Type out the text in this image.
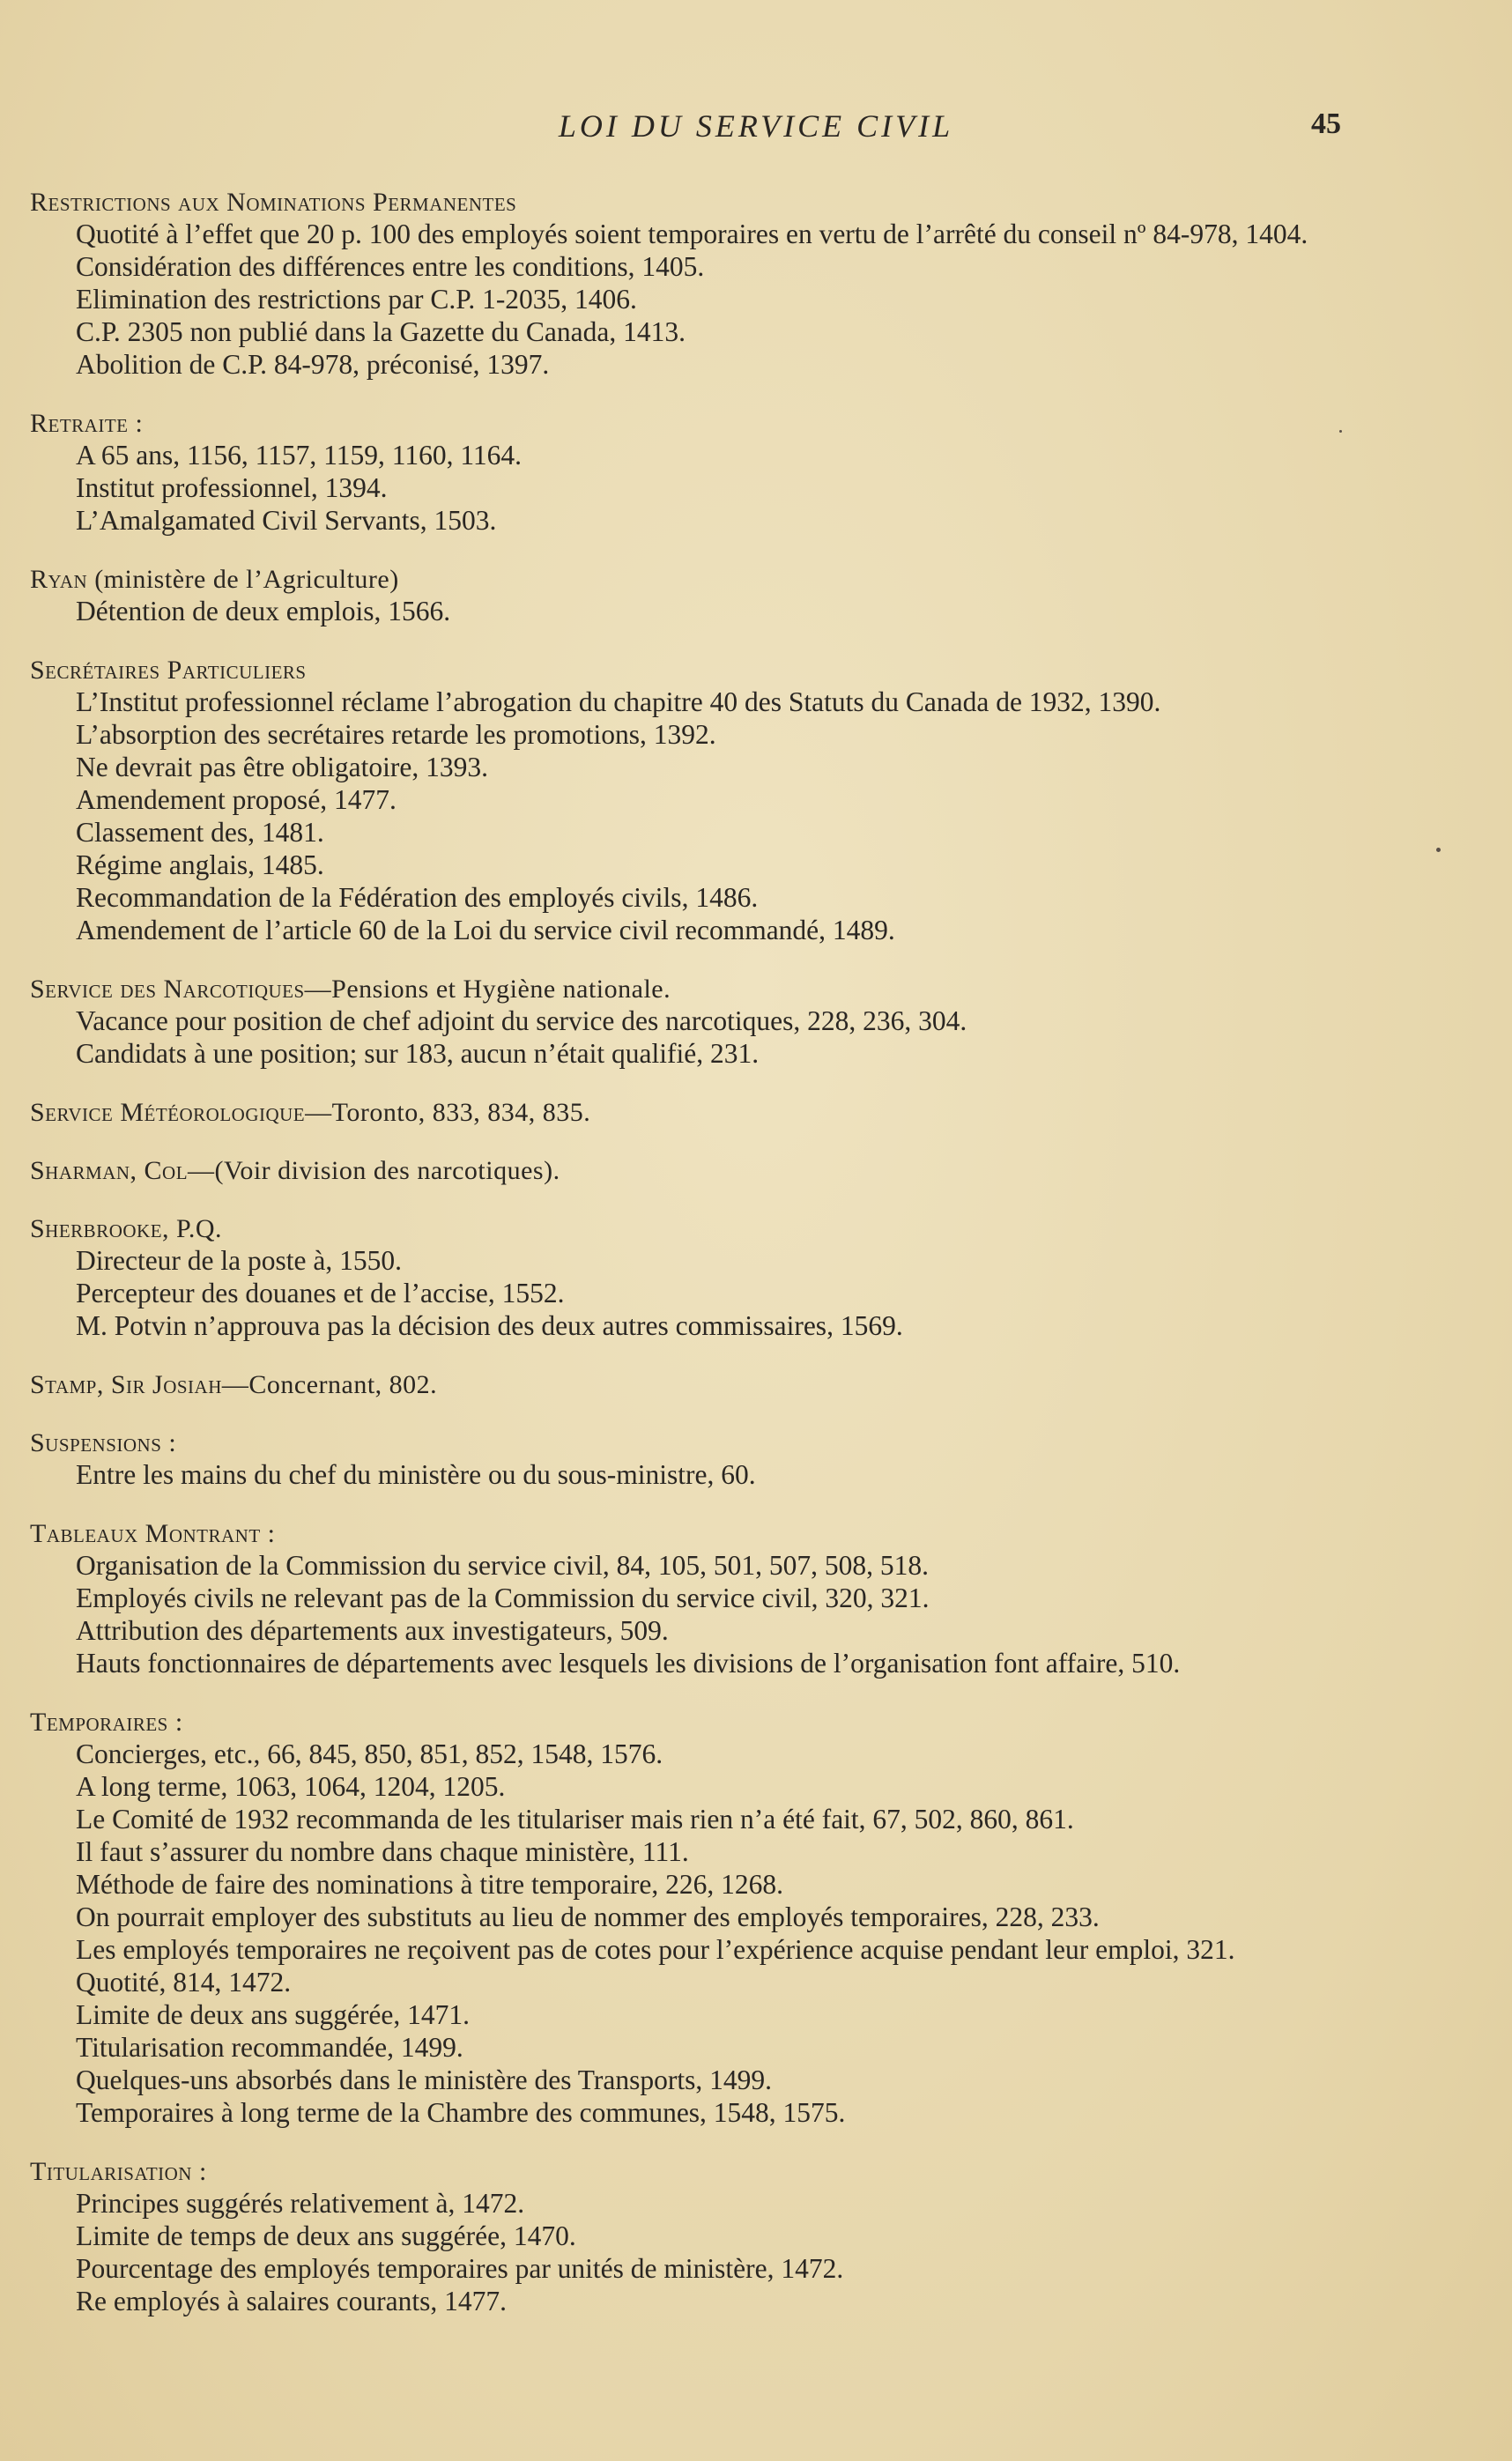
LOI DU SERVICE CIVIL	45
Restrictions aux Nominations Permanentes
Quotité à l’effet que 20 p. 100 des employés soient temporaires en vertu de l’arrêté du conseil nº 84-978, 1404.
Considération des différences entre les conditions, 1405.
Elimination des restrictions par C.P. 1-2035, 1406.
C.P. 2305 non publié dans la Gazette du Canada, 1413.
Abolition de C.P. 84-978, préconisé, 1397.
Retraite :
A 65 ans, 1156, 1157, 1159, 1160, 1164.
Institut professionnel, 1394.
L’Amalgamated Civil Servants, 1503.
Ryan (ministère de l’Agriculture)
Détention de deux emplois, 1566.
Secrétaires Particuliers
L’Institut professionnel réclame l’abrogation du chapitre 40 des Statuts du Canada de 1932, 1390.
L’absorption des secrétaires retarde les promotions, 1392.
Ne devrait pas être obligatoire, 1393.
Amendement proposé, 1477.
Classement des, 1481.
Régime anglais, 1485.
Recommandation de la Fédération des employés civils, 1486.
Amendement de l’article 60 de la Loi du service civil recommandé, 1489.
Service des Narcotiques—Pensions et Hygiène nationale.
Vacance pour position de chef adjoint du service des narcotiques, 228, 236, 304.
Candidats à une position; sur 183, aucun n’était qualifié, 231.
Service Météorologique—Toronto, 833, 834, 835.
Sharman, Col—(Voir division des narcotiques).
Sherbrooke, P.Q.
Directeur de la poste à, 1550.
Percepteur des douanes et de l’accise, 1552.
M. Potvin n’approuva pas la décision des deux autres commissaires, 1569.
Stamp, Sir Josiah—Concernant, 802.
Suspensions :
Entre les mains du chef du ministère ou du sous-ministre, 60.
Tableaux Montrant :
Organisation de la Commission du service civil, 84, 105, 501, 507, 508, 518.
Employés civils ne relevant pas de la Commission du service civil, 320, 321.
Attribution des départements aux investigateurs, 509.
Hauts fonctionnaires de départements avec lesquels les divisions de l’organisation font affaire, 510.
Temporaires :
Concierges, etc., 66, 845, 850, 851, 852, 1548, 1576.
A long terme, 1063, 1064, 1204, 1205.
Le Comité de 1932 recommanda de les titulariser mais rien n’a été fait, 67, 502, 860, 861.
Il faut s’assurer du nombre dans chaque ministère, 111.
Méthode de faire des nominations à titre temporaire, 226, 1268.
On pourrait employer des substituts au lieu de nommer des employés temporaires, 228, 233.
Les employés temporaires ne reçoivent pas de cotes pour l’expérience acquise pendant leur emploi, 321.
Quotité, 814, 1472.
Limite de deux ans suggérée, 1471.
Titularisation recommandée, 1499.
Quelques-uns absorbés dans le ministère des Transports, 1499.
Temporaires à long terme de la Chambre des communes, 1548, 1575.
Titularisation :
Principes suggérés relativement à, 1472.
Limite de temps de deux ans suggérée, 1470.
Pourcentage des employés temporaires par unités de ministère, 1472.
Re employés à salaires courants, 1477.
